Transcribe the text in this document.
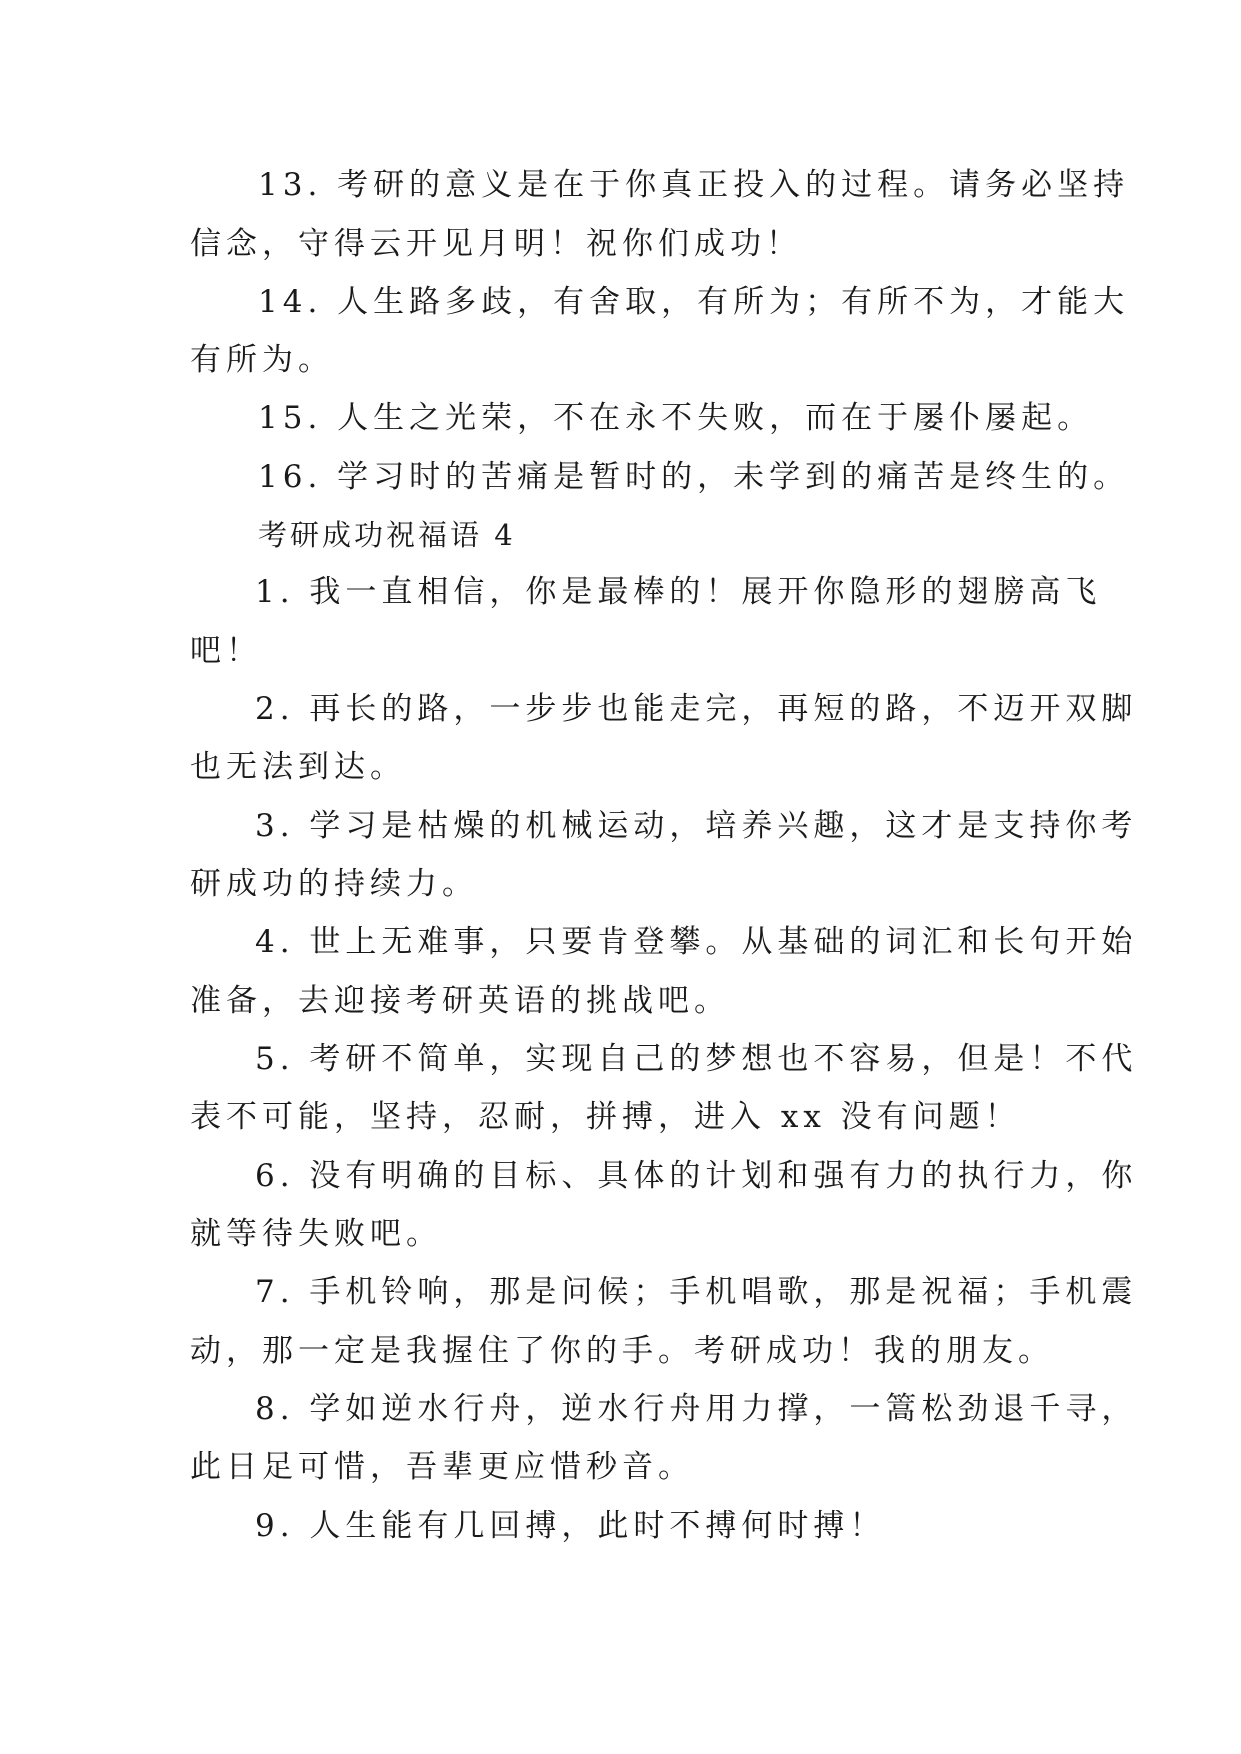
13. 考研的意义是在于你真正投入的过程。请务必坚持

信念，守得云开见月明！祝你们成功！

14. 人生路多歧，有舍取，有所为；有所不为，才能大

有所为。

15. 人生之光荣，不在永不失败，而在于屡仆屡起。

16. 学习时的苦痛是暂时的，未学到的痛苦是终生的。

考研成功祝福语 4

1. 我一直相信，你是最棒的！展开你隐形的翅膀高飞

吧！

2. 再长的路，一步步也能走完，再短的路，不迈开双脚

也无法到达。

3. 学习是枯燥的机械运动，培养兴趣，这才是支持你考

研成功的持续力。

4. 世上无难事，只要肯登攀。从基础的词汇和长句开始

准备，去迎接考研英语的挑战吧。

5. 考研不简单，实现自己的梦想也不容易，但是！不代

表不可能，坚持，忍耐，拼搏，进入 xx 没有问题！

6. 没有明确的目标、具体的计划和强有力的执行力，你

就等待失败吧。

7. 手机铃响，那是问候；手机唱歌，那是祝福；手机震

动，那一定是我握住了你的手。考研成功！我的朋友。

8. 学如逆水行舟，逆水行舟用力撑，一篙松劲退千寻，

此日足可惜，吾辈更应惜秒音。

9. 人生能有几回搏，此时不搏何时搏！
